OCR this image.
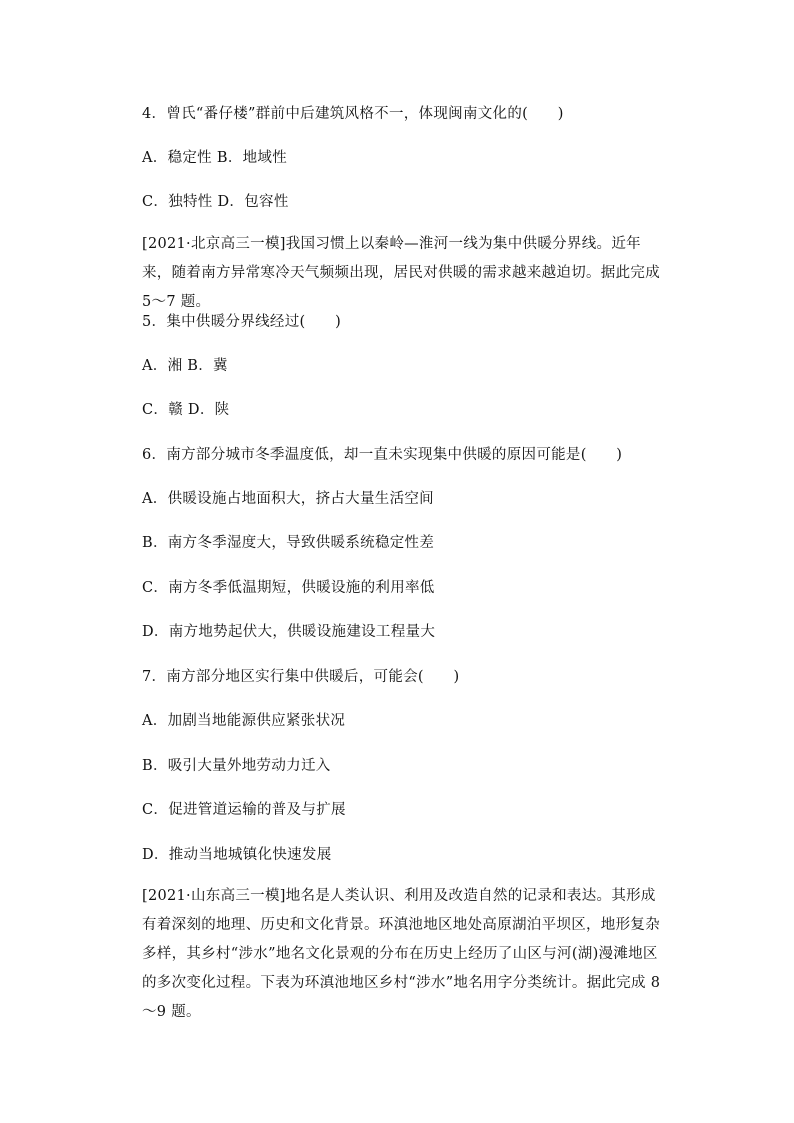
4．曾氏“番仔楼”群前中后建筑风格不一，体现闽南文化的(　　)
A．稳定性 B．地域性
C．独特性 D．包容性
[2021·北京高三一模]我国习惯上以秦岭—淮河一线为集中供暖分界线。近年来，随着南方异常寒冷天气频频出现，居民对供暖的需求越来越迫切。据此完成 5～7 题。
5．集中供暖分界线经过(　　)
A．湘 B．冀
C．赣 D．陕
6．南方部分城市冬季温度低，却一直未实现集中供暖的原因可能是(　　)
A．供暖设施占地面积大，挤占大量生活空间
B．南方冬季湿度大，导致供暖系统稳定性差
C．南方冬季低温期短，供暖设施的利用率低
D．南方地势起伏大，供暖设施建设工程量大
7．南方部分地区实行集中供暖后，可能会(　　)
A．加剧当地能源供应紧张状况
B．吸引大量外地劳动力迁入
C．促进管道运输的普及与扩展
D．推动当地城镇化快速发展
[2021·山东高三一模]地名是人类认识、利用及改造自然的记录和表达。其形成有着深刻的地理、历史和文化背景。环滇池地区地处高原湖泊平坝区，地形复杂多样，其乡村“涉水”地名文化景观的分布在历史上经历了山区与河(湖)漫滩地区的多次变化过程。下表为环滇池地区乡村“涉水”地名用字分类统计。据此完成 8～9 题。
